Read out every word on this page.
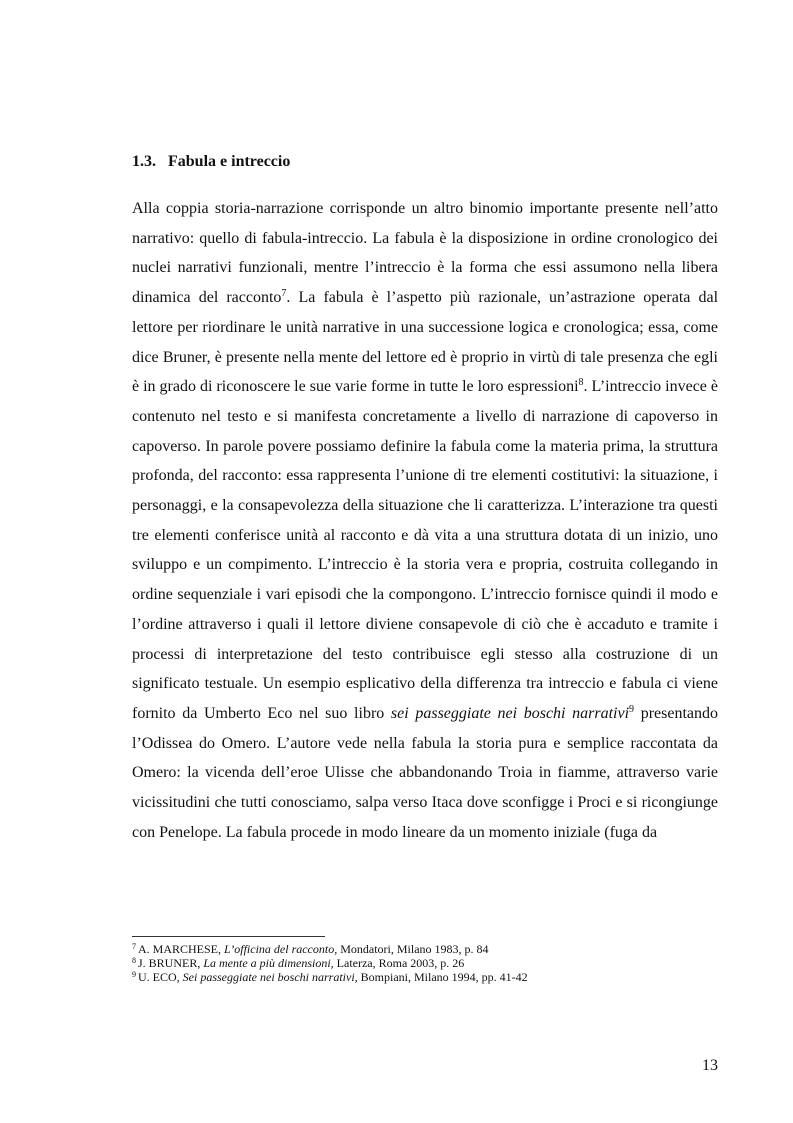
1.3. Fabula e intreccio

Alla coppia storia-narrazione corrisponde un altro binomio importante presente nell’atto narrativo: quello di fabula-intreccio. La fabula è la disposizione in ordine cronologico dei nuclei narrativi funzionali, mentre l’intreccio è la forma che essi assumono nella libera dinamica del racconto$^7$. La fabula è l’aspetto più razionale, un’astrazione operata dal lettore per riordinare le unità narrative in una successione logica e cronologica; essa, come dice Bruner, è presente nella mente del lettore ed è proprio in virtù di tale presenza che egli è in grado di riconoscere le sue varie forme in tutte le loro espressioni$^8$. L’intreccio invece è contenuto nel testo e si manifesta concretamente a livello di narrazione di capoverso in capoverso. In parole povere possiamo definire la fabula come la materia prima, la struttura profonda, del racconto: essa rappresenta l’unione di tre elementi costitutivi: la situazione, i personaggi, e la consapevolezza della situazione che li caratterizza. L’interazione tra questi tre elementi conferisce unità al racconto e dà vita a una struttura dotata di un inizio, uno sviluppo e un compimento. L’intreccio è la storia vera e propria, costruita collegando in ordine sequenziale i vari episodi che la compongono. L’intreccio fornisce quindi il modo e l’ordine attraverso i quali il lettore diviene consapevole di ciò che è accaduto e tramite i processi di interpretazione del testo contribuisce egli stesso alla costruzione di un significato testuale. Un esempio esplicativo della differenza tra intreccio e fabula ci viene fornito da Umberto Eco nel suo libro sei passeggiate nei boschi narrativi$^9$ presentando l’Odissea do Omero. L’autore vede nella fabula la storia pura e semplice raccontata da Omero: la vicenda dell’eroe Ulisse che abbandonando Troia in fiamme, attraverso varie vicissitudini che tutti conosciamo, salpa verso Itaca dove sconfigge i Proci e si ricongiunge con Penelope. La fabula procede in modo lineare da un momento iniziale (fuga da

$^7$ A. MARCHESE, L’officina del racconto, Mondatori, Milano 1983, p. 84

$^8$ J. BRUNER, La mente a più dimensioni, Laterza, Roma 2003, p. 26

$^9$ U. ECO, Sei passeggiate nei boschi narrativi, Bompiani, Milano 1994, pp. 41-42

13
